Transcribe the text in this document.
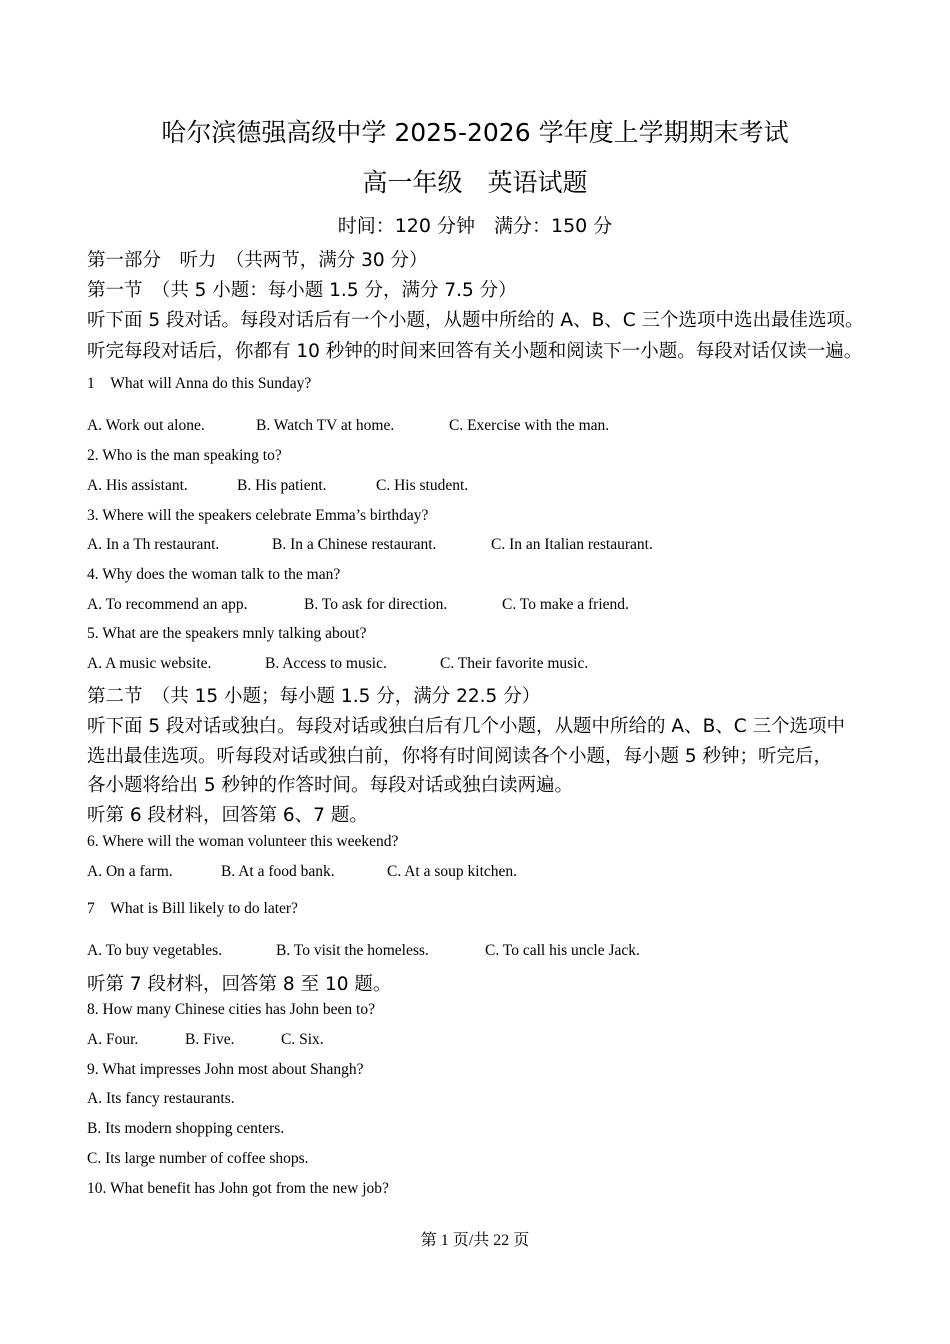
哈尔滨德强高级中学 2025-2026 学年度上学期期末考试
高一年级　英语试题
时间：120 分钟　满分：150 分
第一部分　听力　（共两节，满分 30 分）
第一节　（共 5 小题：每小题 1.5 分，满分 7.5 分）
听下面 5 段对话。每段对话后有一个小题，从题中所给的 A、B、C 三个选项中选出最佳选项。
听完每段对话后，你都有 10 秒钟的时间来回答有关小题和阅读下一小题。每段对话仅读一遍。
1　What will Anna do this Sunday?
A. Work out alone.	B. Watch TV at home.	C. Exercise with the man.
2. Who is the man speaking to?
A. His assistant.	B. His patient.	C. His student.
3. Where will the speakers celebrate Emma’s birthday?
A. In a Th restaurant.	B. In a Chinese restaurant.	C. In an Italian restaurant.
4. Why does the woman talk to the man?
A. To recommend an app.	B. To ask for direction.	C. To make a friend.
5. What are the speakers mnly talking about?
A. A music website.	B. Access to music.	C. Their favorite music.
第二节　（共 15 小题；每小题 1.5 分，满分 22.5 分）
听下面 5 段对话或独白。每段对话或独白后有几个小题，从题中所给的 A、B、C 三个选项中
选出最佳选项。听每段对话或独白前，你将有时间阅读各个小题，每小题 5 秒钟；听完后，
各小题将给出 5 秒钟的作答时间。每段对话或独白读两遍。
听第 6 段材料，回答第 6、7 题。
6. Where will the woman volunteer this weekend?
A. On a farm.	B. At a food bank.	C. At a soup kitchen.
7　What is Bill likely to do later?
A. To buy vegetables.	B. To visit the homeless.	C. To call his uncle Jack.
听第 7 段材料，回答第 8 至 10 题。
8. How many Chinese cities has John been to?
A. Four.	B. Five.	C. Six.
9. What impresses John most about Shangh?
A. Its fancy restaurants.
B. Its modern shopping centers.
C. Its large number of coffee shops.
10. What benefit has John got from the new job?
第 1 页/共 22 页
